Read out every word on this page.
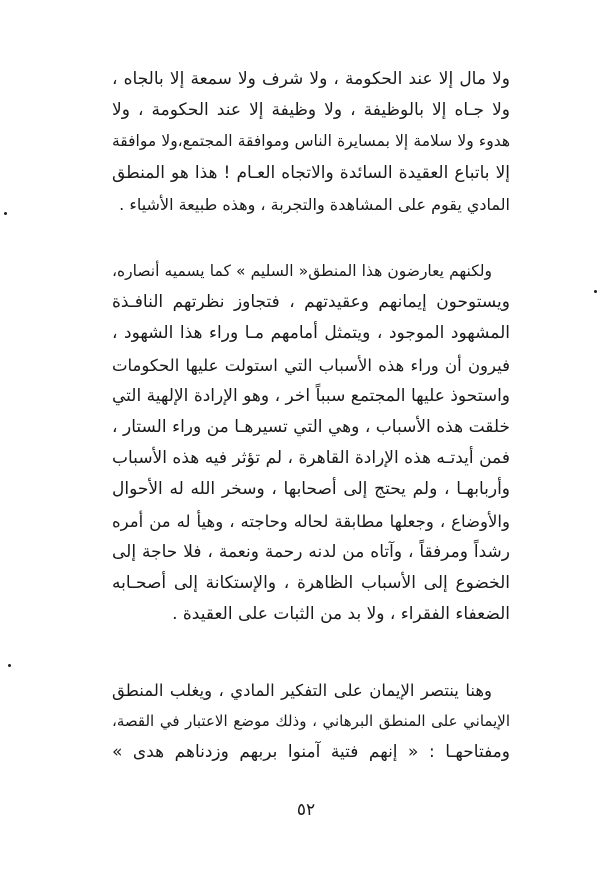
ولا مال إلا عند الحكومة ، ولا شرف ولا سمعة إلا بالجاه ،
ولا جـاه إلا بالوظيفة ، ولا وظيفة إلا عند الحكومة ، ولا
هدوء ولا سلامة إلا بمسايرة الناس وموافقة المجتمع،ولا موافقة
إلا باتباع العقيدة السائدة والاتجاه العـام ! هذا هو المنطق
المادي يقوم على المشاهدة والتجربة ، وهذه طبيعة الأشياء .
ولكنهم يعارضون هذا المنطق« السليم » كما يسميه أنصاره،
ويستوحون إيمانهم وعقيدتهم ، فتجاوز نظرتهم النافـذة
المشهود الموجود ، ويتمثل أمامهم مـا وراء هذا الشهود ،
فيرون أن وراء هذه الأسباب التي استولت عليها الحكومات
واستحوذ عليها المجتمع سبباً اخر ، وهو الإرادة الإلهية التي
خلقت هذه الأسباب ، وهي التي تسيرهـا من وراء الستار ،
فمن أيدتـه هذه الإرادة القاهرة ، لم تؤثر فيه هذه الأسباب
وأربابهـا ، ولم يحتج إلى أصحابها ، وسخر الله له الأحوال
والأوضاع ، وجعلها مطابقة لحاله وحاجته ، وهيأ له من أمره
رشداً ومرفقاً ، وآتاه من لدنه رحمة ونعمة ، فلا حاجة إلى
الخضوع إلى الأسباب الظاهرة ، والإستكانة إلى أصحـابه
الضعفاء الفقراء ، ولا بد من الثبات على العقيدة .
وهنا ينتصر الإيمان على التفكير المادي ، ويغلب المنطق
الإيماني على المنطق البرهاني ، وذلك موضع الاعتبار في القصة،
ومفتاحهـا : « إنهم فتية آمنوا بربهم وزدناهم هدى »
٥٢
